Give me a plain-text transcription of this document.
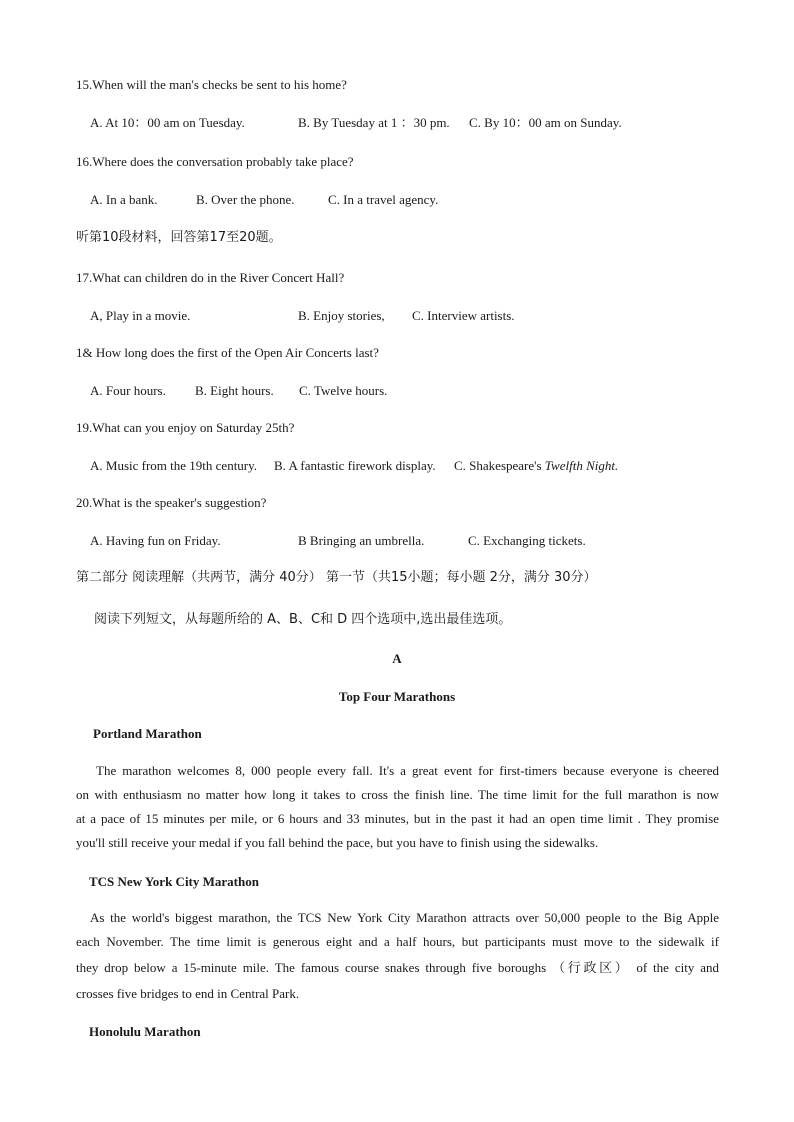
15.When will the man's checks be sent to his home?
A. At 10：00 am on Tuesday.	B. By Tuesday at 1 ：30 pm. C. By 10：00 am on Sunday.
16.Where does the conversation probably take place?
A. In a bank.	B. Over the phone.	C. In a travel agency.
听第10段材料，回答第17至20题。
17.What can children do in the River Concert Hall?
A, Play in a movie.	B. Enjoy stories, C. Interview artists.
1& How long does the first of the Open Air Concerts last?
A. Four hours. B. Eight hours. C. Twelve hours.
19.What can you enjoy on Saturday 25th?
A. Music from the 19th century. B. A fantastic firework display. C. Shakespeare's Twelfth Night.
20.What is the speaker's suggestion?
A. Having fun on Friday.	B Bringing an umbrella.	C. Exchanging tickets.
第二部分 阅读理解（共两节，满分 40分） 第一节（共15小题；每小题 2分，满分 30分）
阅读下列短文，从每题所给的 A、B、C和 D 四个选项中,选出最佳选项。
A
Top Four Marathons
Portland Marathon
The marathon welcomes 8, 000 people every fall. It's a great event for first-timers because everyone is cheered
on with enthusiasm no matter how long it takes to cross the finish line. The time limit for the full marathon is now
at a pace of 15 minutes per mile, or 6 hours and 33 minutes, but in the past it had an open time limit . They promise
you'll still receive your medal if you fall behind the pace, but you have to finish using the sidewalks.
TCS New York City Marathon
As the world's biggest marathon, the TCS New York City Marathon attracts over 50,000 people to the Big Apple
each November. The time limit is generous eight and a half hours, but participants must move to the sidewalk if
they drop below a 15-minute mile. The famous course snakes through five boroughs （行政区） of the city and
crosses five bridges to end in Central Park.
Honolulu Marathon
